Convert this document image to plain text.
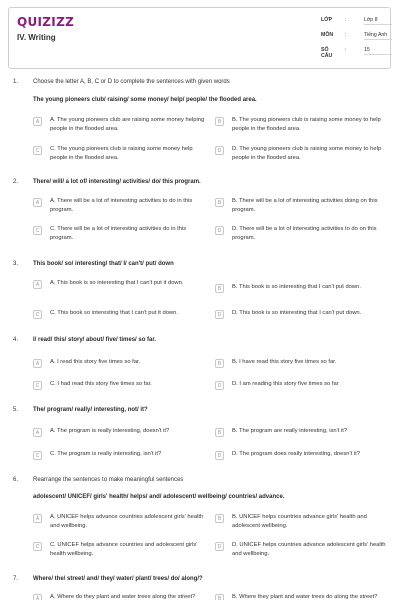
QUIZIZZ
IV. Writing
LỚP :	Lớp 8
MÔN :	Tiếng Anh
SỐ CÂU
:	15
1. Choose the letter A, B, C or D to complete the sentences with given words
The young pioneers club/ raising/ some money/ help/ people/ the flooded area.
A	A. The young pioneers club are raising some money helping people in the flooded area.
B	B. The young pioneers club is raising some money to help people in the flooded area.
C	C. The young pioneers club is raising some money help people in the flooded area.
D	D. The young pioneers club is raising some money to help people in the flooded area.
2. There/ will/ a lot of/ interesting/ activities/ do/ this program.
A	A. There will be a lot of interesting activities to do in this program.
B	B. There will be a lot of interesting activities doing on this program.
C	C. There will be a lot of interesting activities do in this program.
D	D. There will be a lot of interesting activities to do on this program.
3. This book/ so/ interesting/ that/ I/ can't/ put/ down
A	A. This book is so interesting that I can't put it down.
B	B. This book is so interesting that I can't put down.
C	C. This book so interesting that I can't put it down.	D	D. This book is so interesting that I can't put down.
4. I/ read/ this/ story/ about/ five/ times/ so far.
A	A. I read this story five times so far.	B	B. I have read this story five times so far.
C	C. I had read this story five times so far.	D	D. I am reading this story five times so far
5. The/ program/ really/ interesting, not/ it?
A	A. The program is really interesting, doesn't it?	B	B. The program are really interesting, isn't it?
C	C. The program is really interesting, isn't it?	D	D. The program does really interesting, doesn't it?
6. Rearrange the sentences to make meaningful sentences
adolescent/ UNICEF/ girls' health/ helps/ and/ adolescent/ wellbeing/ countries/ advance.
A	A. UNICEF helps advance countries adolescent girls' health and wellbeing.
B	B. UNICEF helps countries advance girls' health and adolescent wellbeing.
C	C. UNICEF helps advance countries and adolescent girls' health wellbeing.
D	D. UNICEF helps countries advance adolescent girls' health and wellbeing.
7. Where/ the/ street/ and/ they/ water/ plant/ trees/ do/ along/?
A	A. Where do they plant and water trees along the street?	B	B. Where they plant and water trees do along the street?
